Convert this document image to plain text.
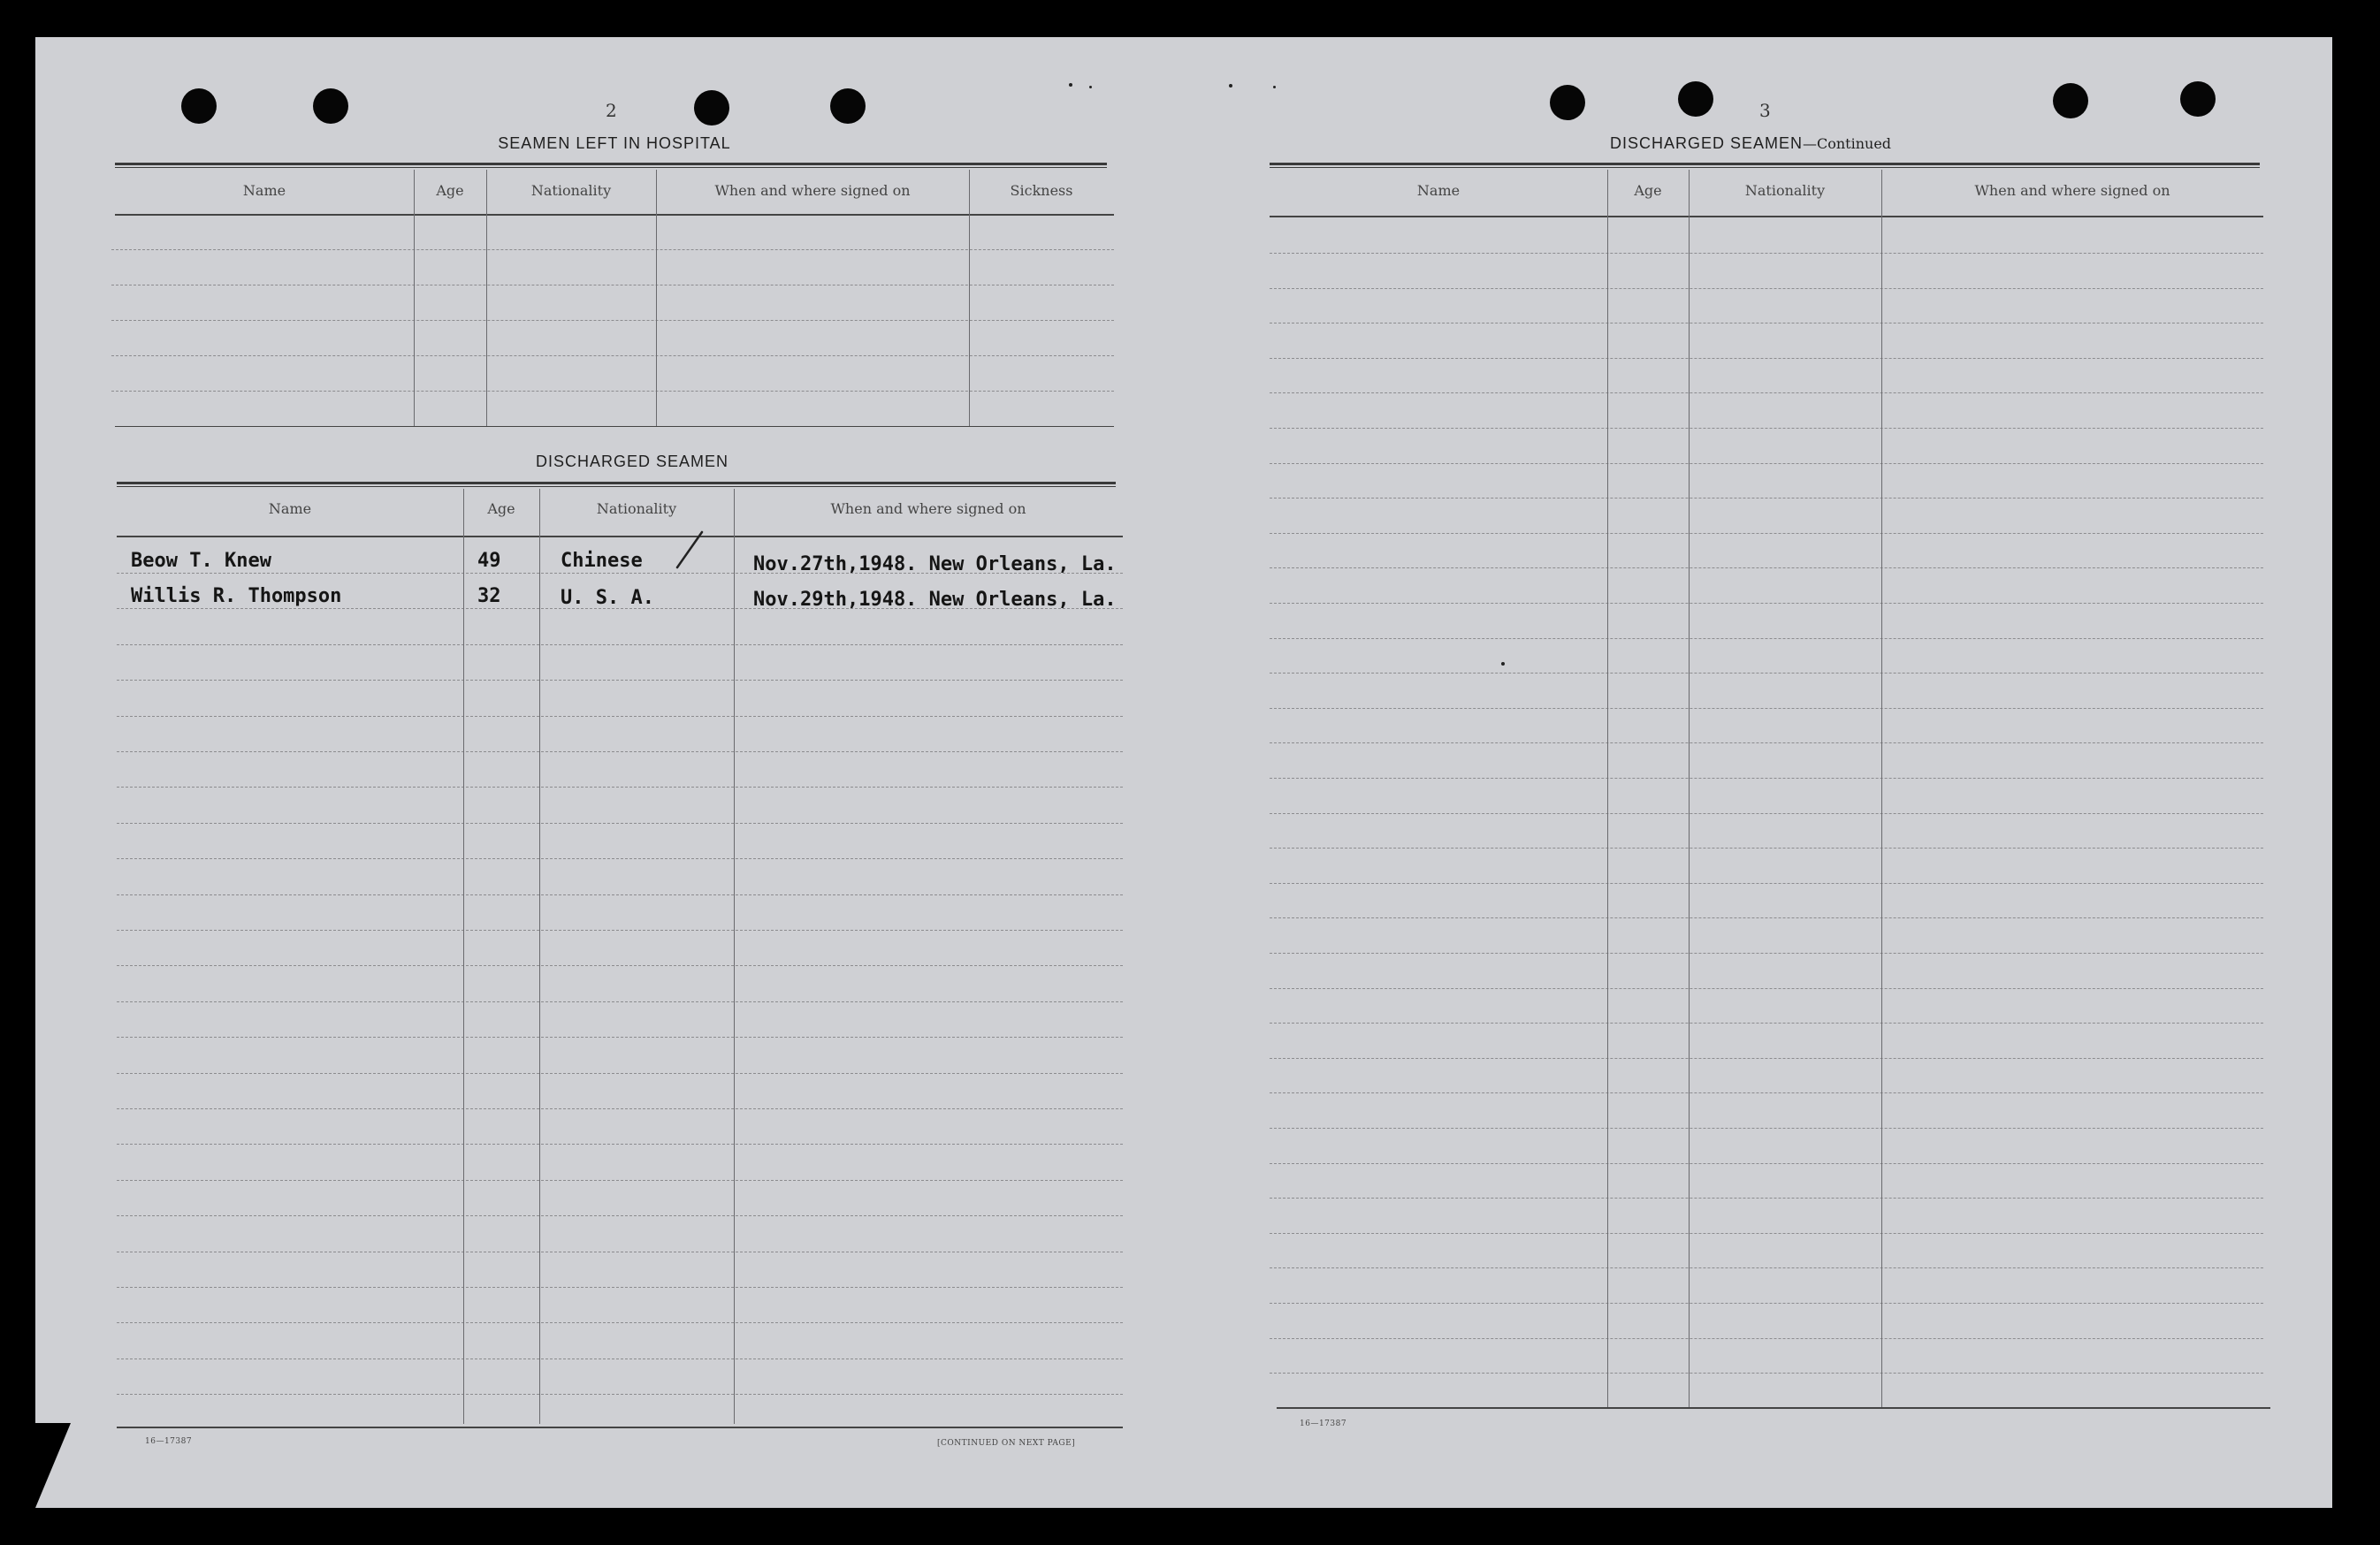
2
SEAMEN LEFT IN HOSPITAL
Name	Age	Nationality	When and where signed on	Sickness
DISCHARGED SEAMEN
Name	Age	Nationality	When and where signed on
Beow T. Knew	49	Chinese	Nov.27th,1948. New Orleans, La.
Willis R. Thompson	32	U. S. A.	Nov.29th,1948. New Orleans, La.
16—17387	[CONTINUED ON NEXT PAGE]
3
DISCHARGED SEAMEN—Continued
Name	Age	Nationality	When and where signed on
16—17387
